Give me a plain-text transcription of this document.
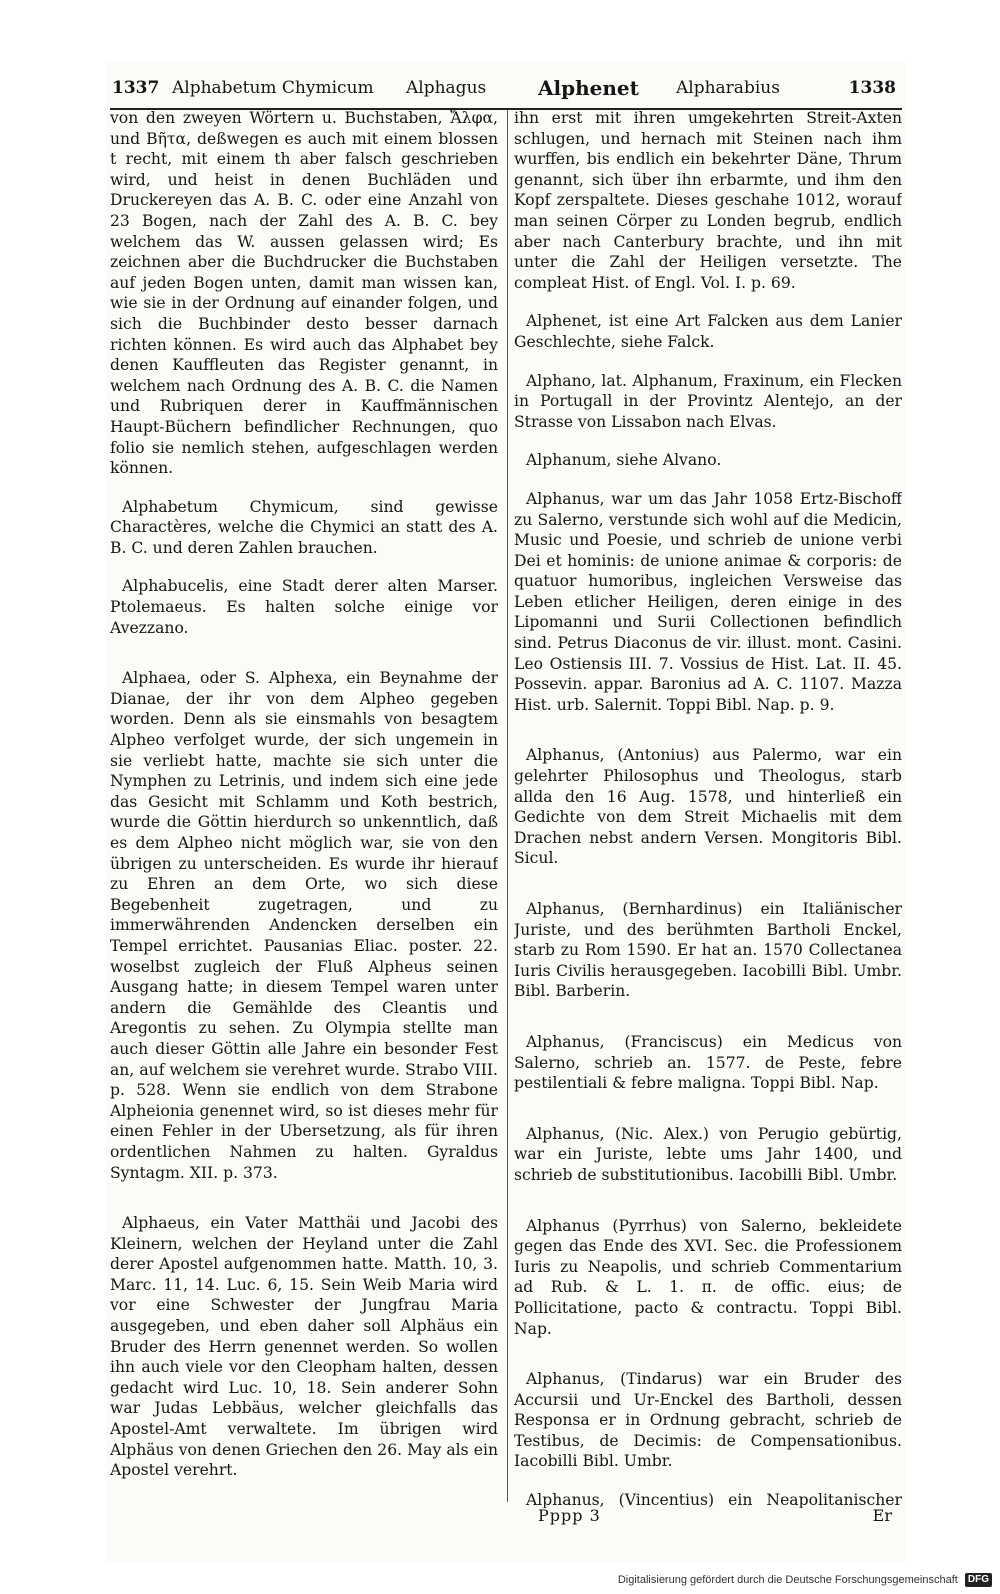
1337 Alphabetum Chymicum Alphagus	Alphenet Alpharabius	1338

von den zweyen Wörtern u. Buchstaben, Ἄλφα, und Βῆτα, deßwegen es auch mit einem blossen t recht, mit einem th aber falsch geschrieben wird, und heist in denen Buchläden und Druckereyen das A. B. C. oder eine Anzahl von 23 Bogen, nach der Zahl des A. B. C. bey welchem das W. aussen gelassen wird; Es zeichnen aber die Buchdrucker die Buchstaben auf jeden Bogen unten, damit man wissen kan, wie sie in der Ordnung auf einander folgen, und sich die Buchbinder desto besser darnach richten können. Es wird auch das Alphabet bey denen Kauffleuten das Register genannt, in welchem nach Ordnung des A. B. C. die Namen und Rubriquen derer in Kauffmännischen Haupt-Büchern befindlicher Rechnungen, quo folio sie nemlich stehen, aufgeschlagen werden können.

Alphabetum Chymicum, sind gewisse Charactères, welche die Chymici an statt des A. B. C. und deren Zahlen brauchen.

Alphabucelis, eine Stadt derer alten Marser. Ptolemaeus. Es halten solche einige vor Avezzano.

Alphaea, oder S. Alphexa, ein Beynahme der Dianae, der ihr von dem Alpheo gegeben worden. Denn als sie einsmahls von besagtem Alpheo verfolget wurde, der sich ungemein in sie verliebt hatte, machte sie sich unter die Nymphen zu Letrinis, und indem sich eine jede das Gesicht mit Schlamm und Koth bestrich, wurde die Göttin hierdurch so unkenntlich, daß es dem Alpheo nicht möglich war, sie von den übrigen zu unterscheiden. Es wurde ihr hierauf zu Ehren an dem Orte, wo sich diese Begebenheit zugetragen, und zu immerwährenden Andencken derselben ein Tempel errichtet. Pausanias Eliac. poster. 22. woselbst zugleich der Fluß Alpheus seinen Ausgang hatte; in diesem Tempel waren unter andern die Gemählde des Cleantis und Aregontis zu sehen. Zu Olympia stellte man auch dieser Göttin alle Jahre ein besonder Fest an, auf welchem sie verehret wurde. Strabo VIII. p. 528. Wenn sie endlich von dem Strabone Alpheionia genennet wird, so ist dieses mehr für einen Fehler in der Ubersetzung, als für ihren ordentlichen Nahmen zu halten. Gyraldus Syntagm. XII. p. 373.

Alphaeus, ein Vater Matthäi und Jacobi des Kleinern, welchen der Heyland unter die Zahl derer Apostel aufgenommen hatte. Matth. 10, 3. Marc. 11, 14. Luc. 6, 15. Sein Weib Maria wird vor eine Schwester der Jungfrau Maria ausgegeben, und eben daher soll Alphäus ein Bruder des Herrn genennet werden. So wollen ihn auch viele vor den Cleopham halten, dessen gedacht wird Luc. 10, 18. Sein anderer Sohn war Judas Lebbäus, welcher gleichfalls das Apostel-Amt verwaltete. Im übrigen wird Alphäus von denen Griechen den 26. May als ein Apostel verehrt.

ihn erst mit ihren umgekehrten Streit-Axten schlugen, und hernach mit Steinen nach ihm wurffen, bis endlich ein bekehrter Däne, Thrum genannt, sich über ihn erbarmte, und ihm den Kopf zerspaltete. Dieses geschahe 1012, worauf man seinen Cörper zu Londen begrub, endlich aber nach Canterbury brachte, und ihn mit unter die Zahl der Heiligen versetzte. The compleat Hist. of Engl. Vol. I. p. 69.

Alphenet, ist eine Art Falcken aus dem Lanier Geschlechte, siehe Falck.

Alphano, lat. Alphanum, Fraxinum, ein Flecken in Portugall in der Provintz Alentejo, an der Strasse von Lissabon nach Elvas.

Alphanum, siehe Alvano.

Alphanus, war um das Jahr 1058 Ertz-Bischoff zu Salerno, verstunde sich wohl auf die Medicin, Music und Poesie, und schrieb de unione verbi Dei et hominis: de unione animae & corporis: de quatuor humoribus, ingleichen Versweise das Leben etlicher Heiligen, deren einige in des Lipomanni und Surii Collectionen befindlich sind. Petrus Diaconus de vir. illust. mont. Casini. Leo Ostiensis III. 7. Vossius de Hist. Lat. II. 45. Possevin. appar. Baronius ad A. C. 1107. Mazza Hist. urb. Salernit. Toppi Bibl. Nap. p. 9.

Alphanus, (Antonius) aus Palermo, war ein gelehrter Philosophus und Theologus, starb allda den 16 Aug. 1578, und hinterließ ein Gedichte von dem Streit Michaelis mit dem Drachen nebst andern Versen. Mongitoris Bibl. Sicul.

Alphanus, (Bernhardinus) ein Italiänischer Juriste, und des berühmten Bartholi Enckel, starb zu Rom 1590. Er hat an. 1570 Collectanea Iuris Civilis herausgegeben. Iacobilli Bibl. Umbr. Bibl. Barberin.

Alphanus, (Franciscus) ein Medicus von Salerno, schrieb an. 1577. de Peste, febre pestilentiali & febre maligna. Toppi Bibl. Nap.

Alphanus, (Nic. Alex.) von Perugio gebürtig, war ein Juriste, lebte ums Jahr 1400, und schrieb de substitutionibus. Iacobilli Bibl. Umbr.

Alphanus (Pyrrhus) von Salerno, bekleidete gegen das Ende des XVI. Sec. die Professionem Iuris zu Neapolis, und schrieb Commentarium ad Rub. & L. 1. π. de offic. eius; de Pollicitatione, pacto & contractu. Toppi Bibl. Nap.

Alphanus, (Tindarus) war ein Bruder des Accursii und Ur-Enckel des Bartholi, dessen Responsa er in Ordnung gebracht, schrieb de Testibus, de Decimis: de Compensationibus. Iacobilli Bibl. Umbr.

Alphanus, (Vincentius) ein Neapolitanischer

Pppp 3	Er
Digitalisierung gefördert durch die Deutsche Forschungsgemeinschaft DFG
